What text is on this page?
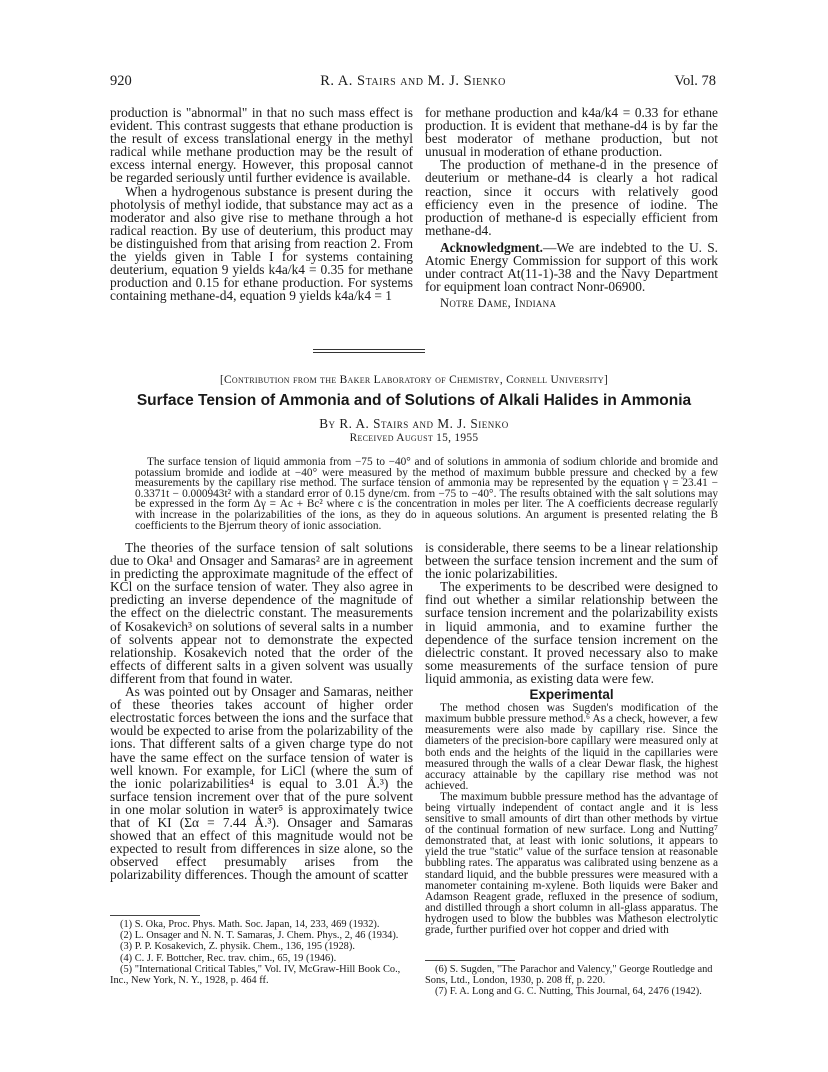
920	R. A. Stairs and M. J. Sienko	Vol. 78

production is "abnormal" in that no such mass effect is evident. This contrast suggests that ethane production is the result of excess translational energy in the methyl radical while methane production may be the result of excess internal energy. However, this proposal cannot be regarded seriously until further evidence is available.

When a hydrogenous substance is present during the photolysis of methyl iodide, that substance may act as a moderator and also give rise to methane through a hot radical reaction. By use of deuterium, this product may be distinguished from that arising from reaction 2. From the yields given in Table I for systems containing deuterium, equation 9 yields k4a/k4 = 0.35 for methane production and 0.15 for ethane production. For systems containing methane-d4, equation 9 yields k4a/k4 = 1

for methane production and k4a/k4 = 0.33 for ethane production. It is evident that methane-d4 is by far the best moderator of methane production, but not unusual in moderation of ethane production.

The production of methane-d in the presence of deuterium or methane-d4 is clearly a hot radical reaction, since it occurs with relatively good efficiency even in the presence of iodine. The production of methane-d is especially efficient from methane-d4.

Acknowledgment.—We are indebted to the U. S. Atomic Energy Commission for support of this work under contract At(11-1)-38 and the Navy Department for equipment loan contract Nonr-06900.

Notre Dame, Indiana

[Contribution from the Baker Laboratory of Chemistry, Cornell University]
Surface Tension of Ammonia and of Solutions of Alkali Halides in Ammonia
By R. A. Stairs and M. J. Sienko
Received August 15, 1955
The surface tension of liquid ammonia from −75 to −40° and of solutions in ammonia of sodium chloride and bromide and potassium bromide and iodide at −40° were measured by the method of maximum bubble pressure and checked by a few measurements by the capillary rise method. The surface tension of ammonia may be represented by the equation γ = 23.41 − 0.3371t − 0.000943t² with a standard error of 0.15 dyne/cm. from −75 to −40°. The results obtained with the salt solutions may be expressed in the form Δγ = Ac + Bc² where c is the concentration in moles per liter. The A coefficients decrease regularly with increase in the polarizabilities of the ions, as they do in aqueous solutions. An argument is presented relating the B coefficients to the Bjerrum theory of ionic association.

The theories of the surface tension of salt solutions due to Oka¹ and Onsager and Samaras² are in agreement in predicting the approximate magnitude of the effect of KCl on the surface tension of water. They also agree in predicting an inverse dependence of the magnitude of the effect on the dielectric constant. The measurements of Kosakevich³ on solutions of several salts in a number of solvents appear not to demonstrate the expected relationship. Kosakevich noted that the order of the effects of different salts in a given solvent was usually different from that found in water.

As was pointed out by Onsager and Samaras, neither of these theories takes account of higher order electrostatic forces between the ions and the surface that would be expected to arise from the polarizability of the ions. That different salts of a given charge type do not have the same effect on the surface tension of water is well known. For example, for LiCl (where the sum of the ionic polarizabilities⁴ is equal to 3.01 Å.³) the surface tension increment over that of the pure solvent in one molar solution in water⁵ is approximately twice that of KI (Σα = 7.44 Å.³). Onsager and Samaras showed that an effect of this magnitude would not be expected to result from differences in size alone, so the observed effect presumably arises from the polarizability differences. Though the amount of scatter

is considerable, there seems to be a linear relationship between the surface tension increment and the sum of the ionic polarizabilities.

The experiments to be described were designed to find out whether a similar relationship between the surface tension increment and the polarizability exists in liquid ammonia, and to examine further the dependence of the surface tension increment on the dielectric constant. It proved necessary also to make some measurements of the surface tension of pure liquid ammonia, as existing data were few.

Experimental

The method chosen was Sugden's modification of the maximum bubble pressure method.⁶ As a check, however, a few measurements were also made by capillary rise. Since the diameters of the precision-bore capillary were measured only at both ends and the heights of the liquid in the capillaries were measured through the walls of a clear Dewar flask, the highest accuracy attainable by the capillary rise method was not achieved.

The maximum bubble pressure method has the advantage of being virtually independent of contact angle and it is less sensitive to small amounts of dirt than other methods by virtue of the continual formation of new surface. Long and Nutting⁷ demonstrated that, at least with ionic solutions, it appears to yield the true "static" value of the surface tension at reasonable bubbling rates. The apparatus was calibrated using benzene as a standard liquid, and the bubble pressures were measured with a manometer containing m-xylene. Both liquids were Baker and Adamson Reagent grade, refluxed in the presence of sodium, and distilled through a short column in all-glass apparatus. The hydrogen used to blow the bubbles was Matheson electrolytic grade, further purified over hot copper and dried with

(1) S. Oka, Proc. Phys. Math. Soc. Japan, 14, 233, 469 (1932).
(2) L. Onsager and N. N. T. Samaras, J. Chem. Phys., 2, 46 (1934).
(3) P. P. Kosakevich, Z. physik. Chem., 136, 195 (1928).
(4) C. J. F. Bottcher, Rec. trav. chim., 65, 19 (1946).
(5) "International Critical Tables," Vol. IV, McGraw-Hill Book Co., Inc., New York, N. Y., 1928, p. 464 ff.
(6) S. Sugden, "The Parachor and Valency," George Routledge and Sons, Ltd., London, 1930, p. 208 ff, p. 220.
(7) F. A. Long and G. C. Nutting, This Journal, 64, 2476 (1942).
